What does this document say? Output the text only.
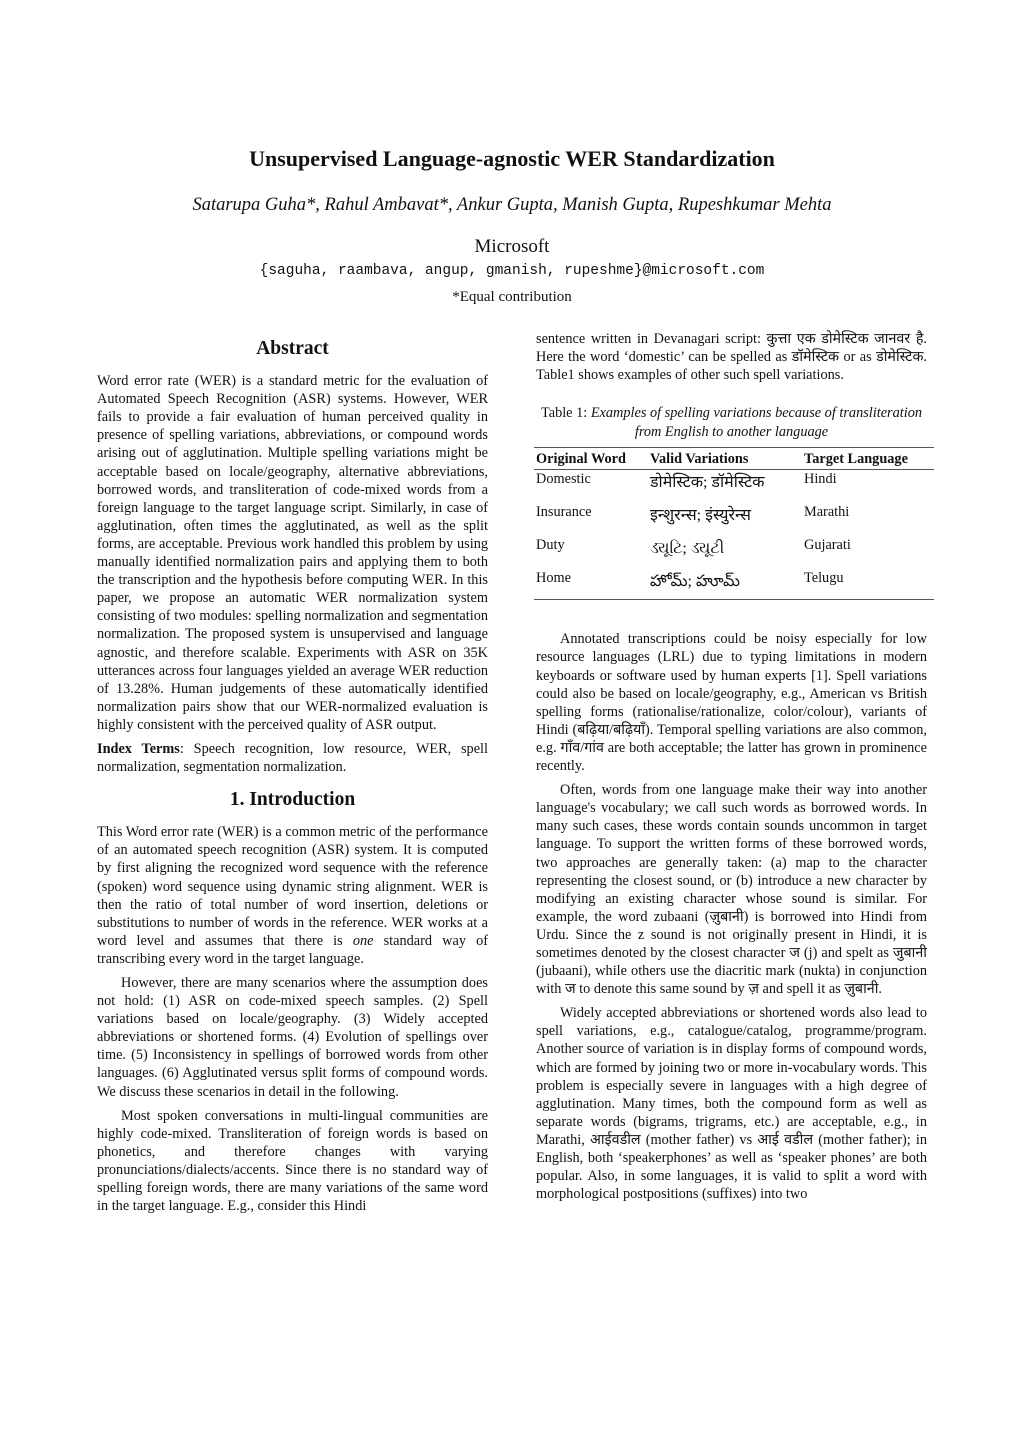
Unsupervised Language-agnostic WER Standardization
Satarupa Guha*, Rahul Ambavat*, Ankur Gupta, Manish Gupta, Rupeshkumar Mehta
Microsoft
{saguha, raambava, angup, gmanish, rupeshme}@microsoft.com
*Equal contribution
Abstract

Word error rate (WER) is a standard metric for the evaluation of Automated Speech Recognition (ASR) systems. However, WER fails to provide a fair evaluation of human perceived quality in presence of spelling variations, abbreviations, or compound words arising out of agglutination. Multiple spelling variations might be acceptable based on locale/geography, alternative abbreviations, borrowed words, and transliteration of code-mixed words from a foreign language to the target language script. Similarly, in case of agglutination, often times the agglutinated, as well as the split forms, are acceptable. Previous work handled this problem by using manually identified normalization pairs and applying them to both the transcription and the hypothesis before computing WER. In this paper, we propose an automatic WER normalization system consisting of two modules: spelling normalization and segmentation normalization. The proposed system is unsupervised and language agnostic, and therefore scalable. Experiments with ASR on 35K utterances across four languages yielded an average WER reduction of 13.28%. Human judgements of these automatically identified normalization pairs show that our WER-normalized evaluation is highly consistent with the perceived quality of ASR output.

Index Terms: Speech recognition, low resource, WER, spell normalization, segmentation normalization.

1. Introduction

This Word error rate (WER) is a common metric of the performance of an automated speech recognition (ASR) system. It is computed by first aligning the recognized word sequence with the reference (spoken) word sequence using dynamic string alignment. WER is then the ratio of total number of word insertion, deletions or substitutions to number of words in the reference. WER works at a word level and assumes that there is one standard way of transcribing every word in the target language.

However, there are many scenarios where the assumption does not hold: (1) ASR on code-mixed speech samples. (2) Spell variations based on locale/geography. (3) Widely accepted abbreviations or shortened forms. (4) Evolution of spellings over time. (5) Inconsistency in spellings of borrowed words from other languages. (6) Agglutinated versus split forms of compound words. We discuss these scenarios in detail in the following.

Most spoken conversations in multi-lingual communities are highly code-mixed. Transliteration of foreign words is based on phonetics, and therefore changes with varying pronunciations/dialects/accents. Since there is no standard way of spelling foreign words, there are many variations of the same word in the target language. E.g., consider this Hindi

sentence written in Devanagari script: कुत्ता एक डोमेस्टिक जानवर है. Here the word ‘domestic’ can be spelled as डॉमेस्टिक or as डोमेस्टिक. Table1 shows examples of other such spell variations.

Table 1: Examples of spelling variations because of transliteration from English to another language
Original Word	Valid Variations	Target Language
Domestic	डोमेस्टिक; डॉमेस्टिक	Hindi
Insurance	इन्शुरन्स; इंस्युरेन्स	Marathi
Duty	ડ્યૂટિ; ડ્યૂટી	Gujarati
Home	హోమ్; హూమ్	Telugu

Annotated transcriptions could be noisy especially for low resource languages (LRL) due to typing limitations in modern keyboards or software used by human experts [1]. Spell variations could also be based on locale/geography, e.g., American vs British spelling forms (rationalise/rationalize, color/colour), variants of Hindi (बढ़िया/बढ़ियाँ). Temporal spelling variations are also common, e.g. गाँव/गांव are both acceptable; the latter has grown in prominence recently.

Often, words from one language make their way into another language's vocabulary; we call such words as borrowed words. In many such cases, these words contain sounds uncommon in target language. To support the written forms of these borrowed words, two approaches are generally taken: (a) map to the character representing the closest sound, or (b) introduce a new character by modifying an existing character whose sound is similar. For example, the word zubaani (ज़ुबानी) is borrowed into Hindi from Urdu. Since the z sound is not originally present in Hindi, it is sometimes denoted by the closest character ज (j) and spelt as जुबानी (jubaani), while others use the diacritic mark (nukta) in conjunction with ज to denote this same sound by ज़ and spell it as ज़ुबानी.

Widely accepted abbreviations or shortened words also lead to spell variations, e.g., catalogue/catalog, programme/program. Another source of variation is in display forms of compound words, which are formed by joining two or more in-vocabulary words. This problem is especially severe in languages with a high degree of agglutination. Many times, both the compound form as well as separate words (bigrams, trigrams, etc.) are acceptable, e.g., in Marathi, आईवडील (mother father) vs आई वडील (mother father); in English, both ‘speakerphones’ as well as ‘speaker phones’ are both popular. Also, in some languages, it is valid to split a word with morphological postpositions (suffixes) into two
